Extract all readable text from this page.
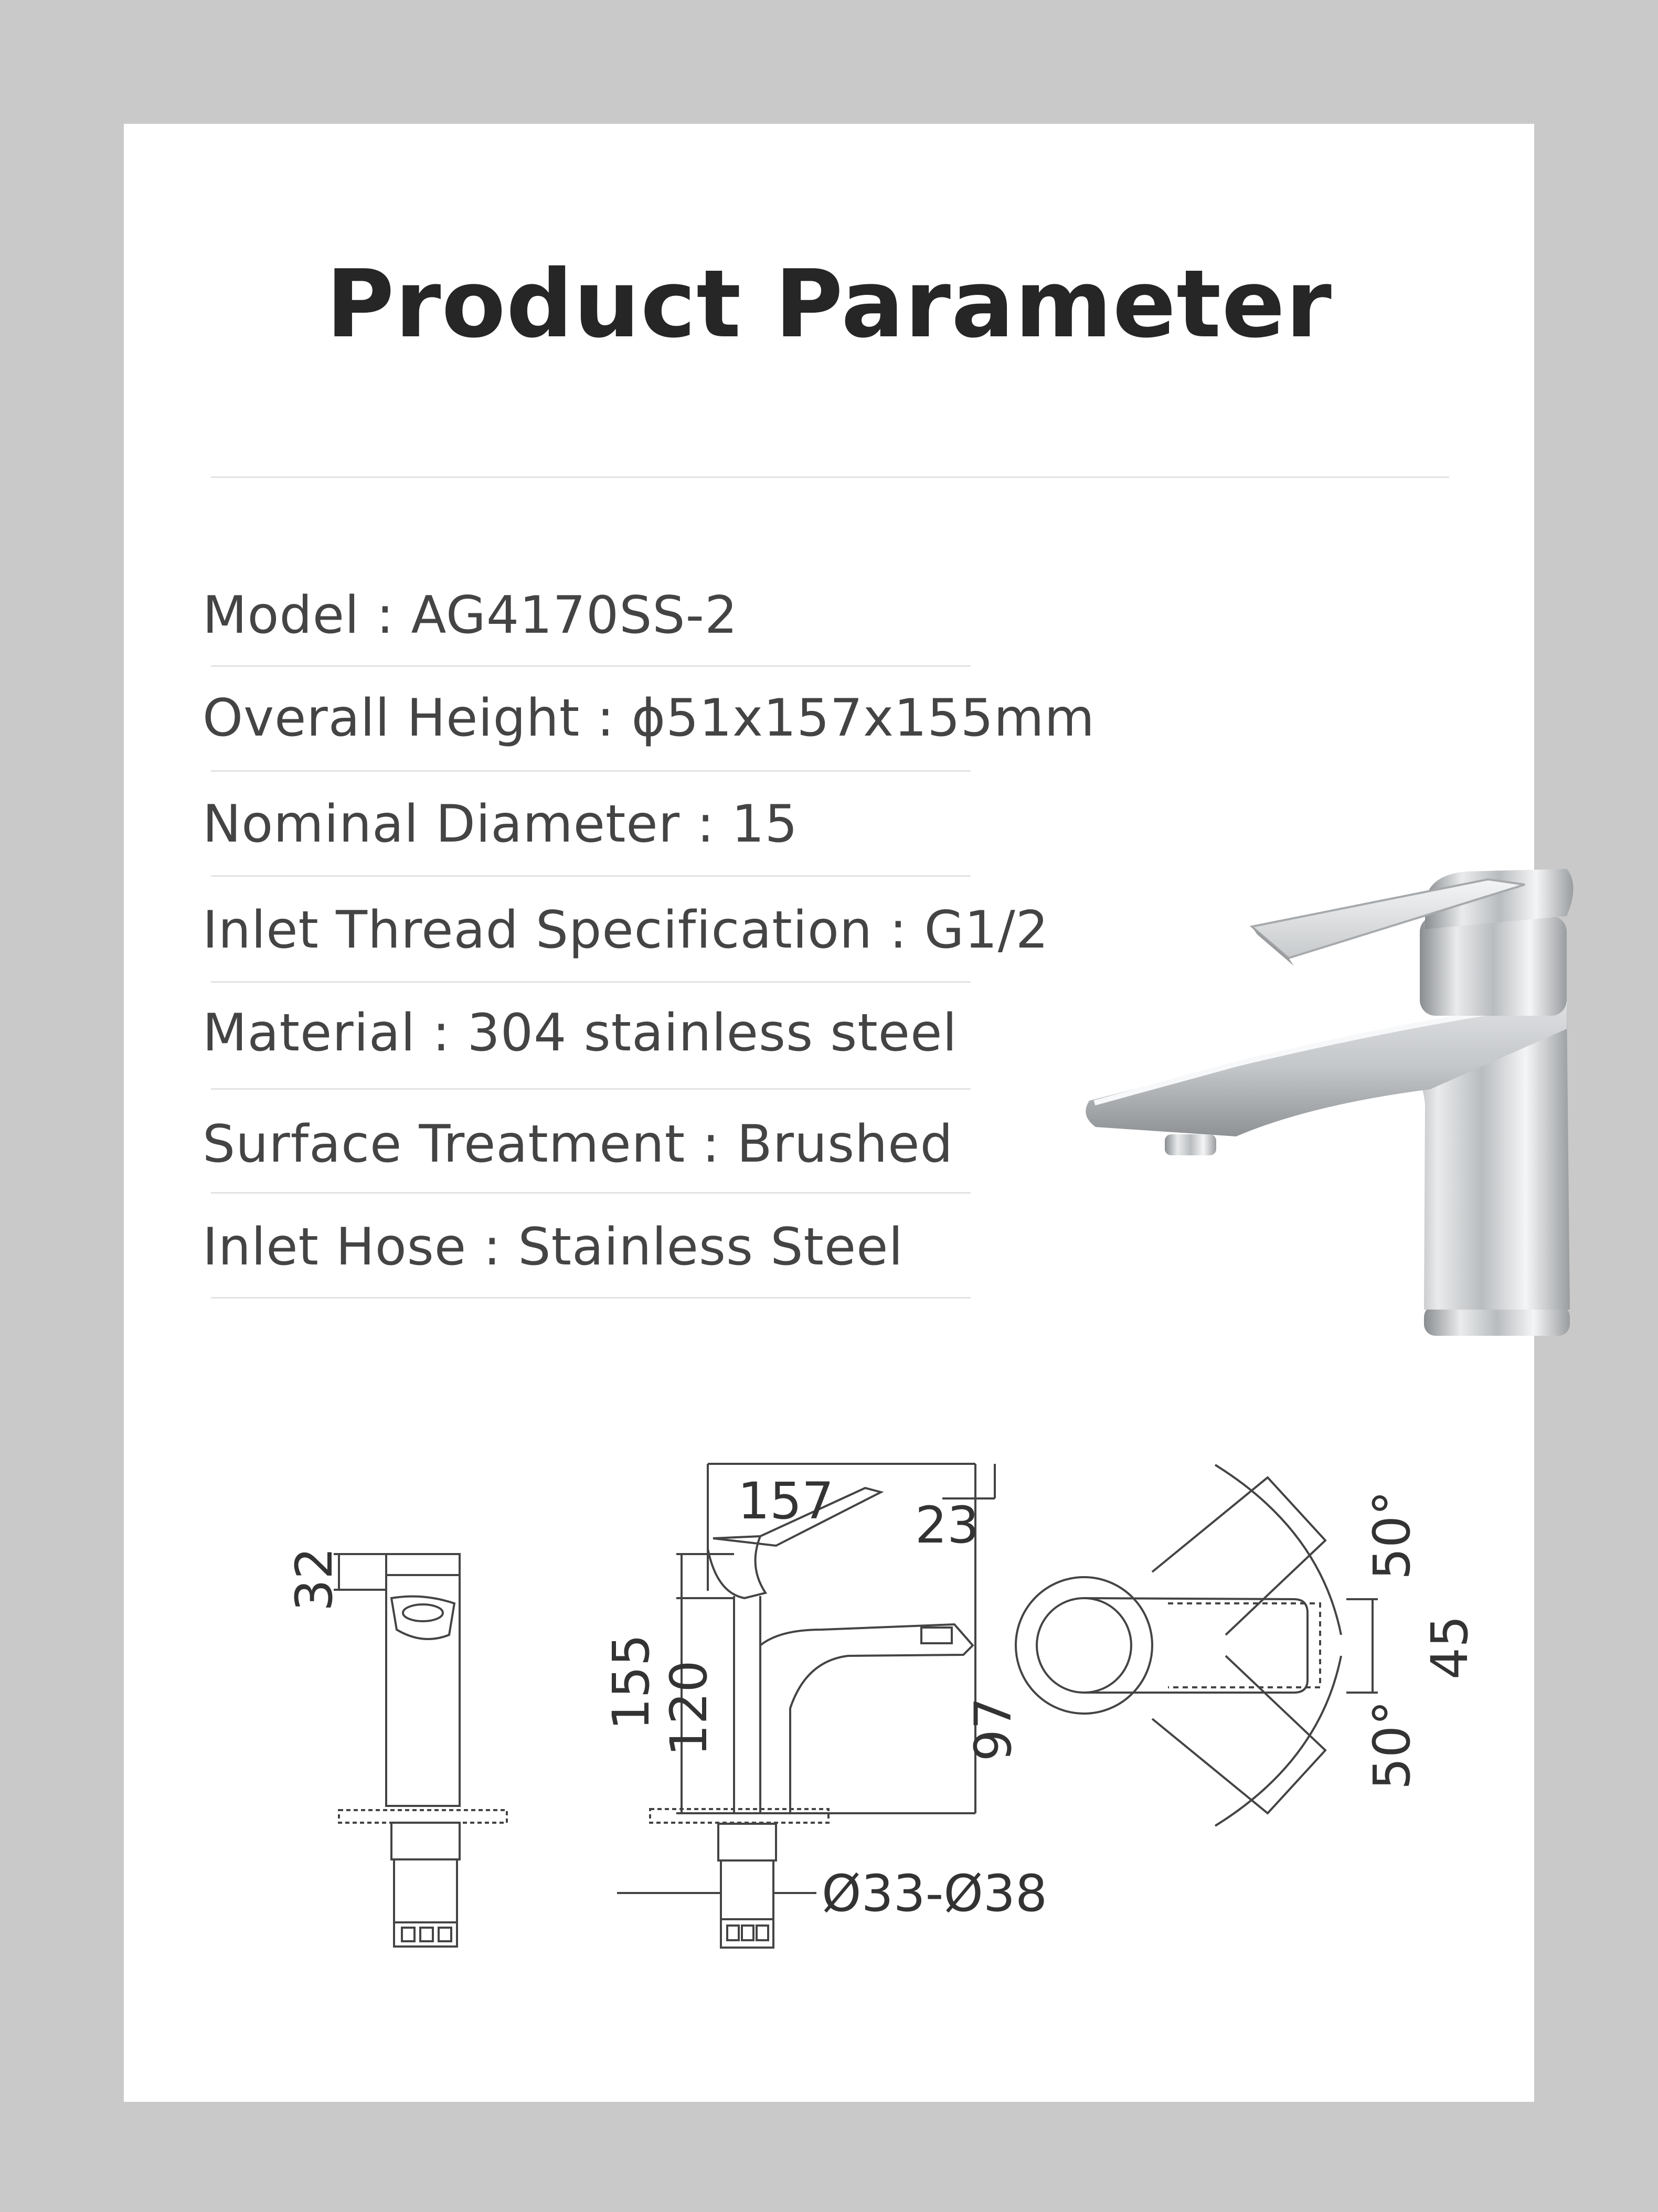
Product Parameter
Model : AG4170SS-2
Overall Height : ϕ51x157x155mm
Nominal Diameter : 15
Inlet Thread Specification : G1/2
Material : 304 stainless steel
Surface Treatment : Brushed
Inlet Hose : Stainless Steel
32
157 23
155
120	97
Ø33-Ø38
50°
50°
45
